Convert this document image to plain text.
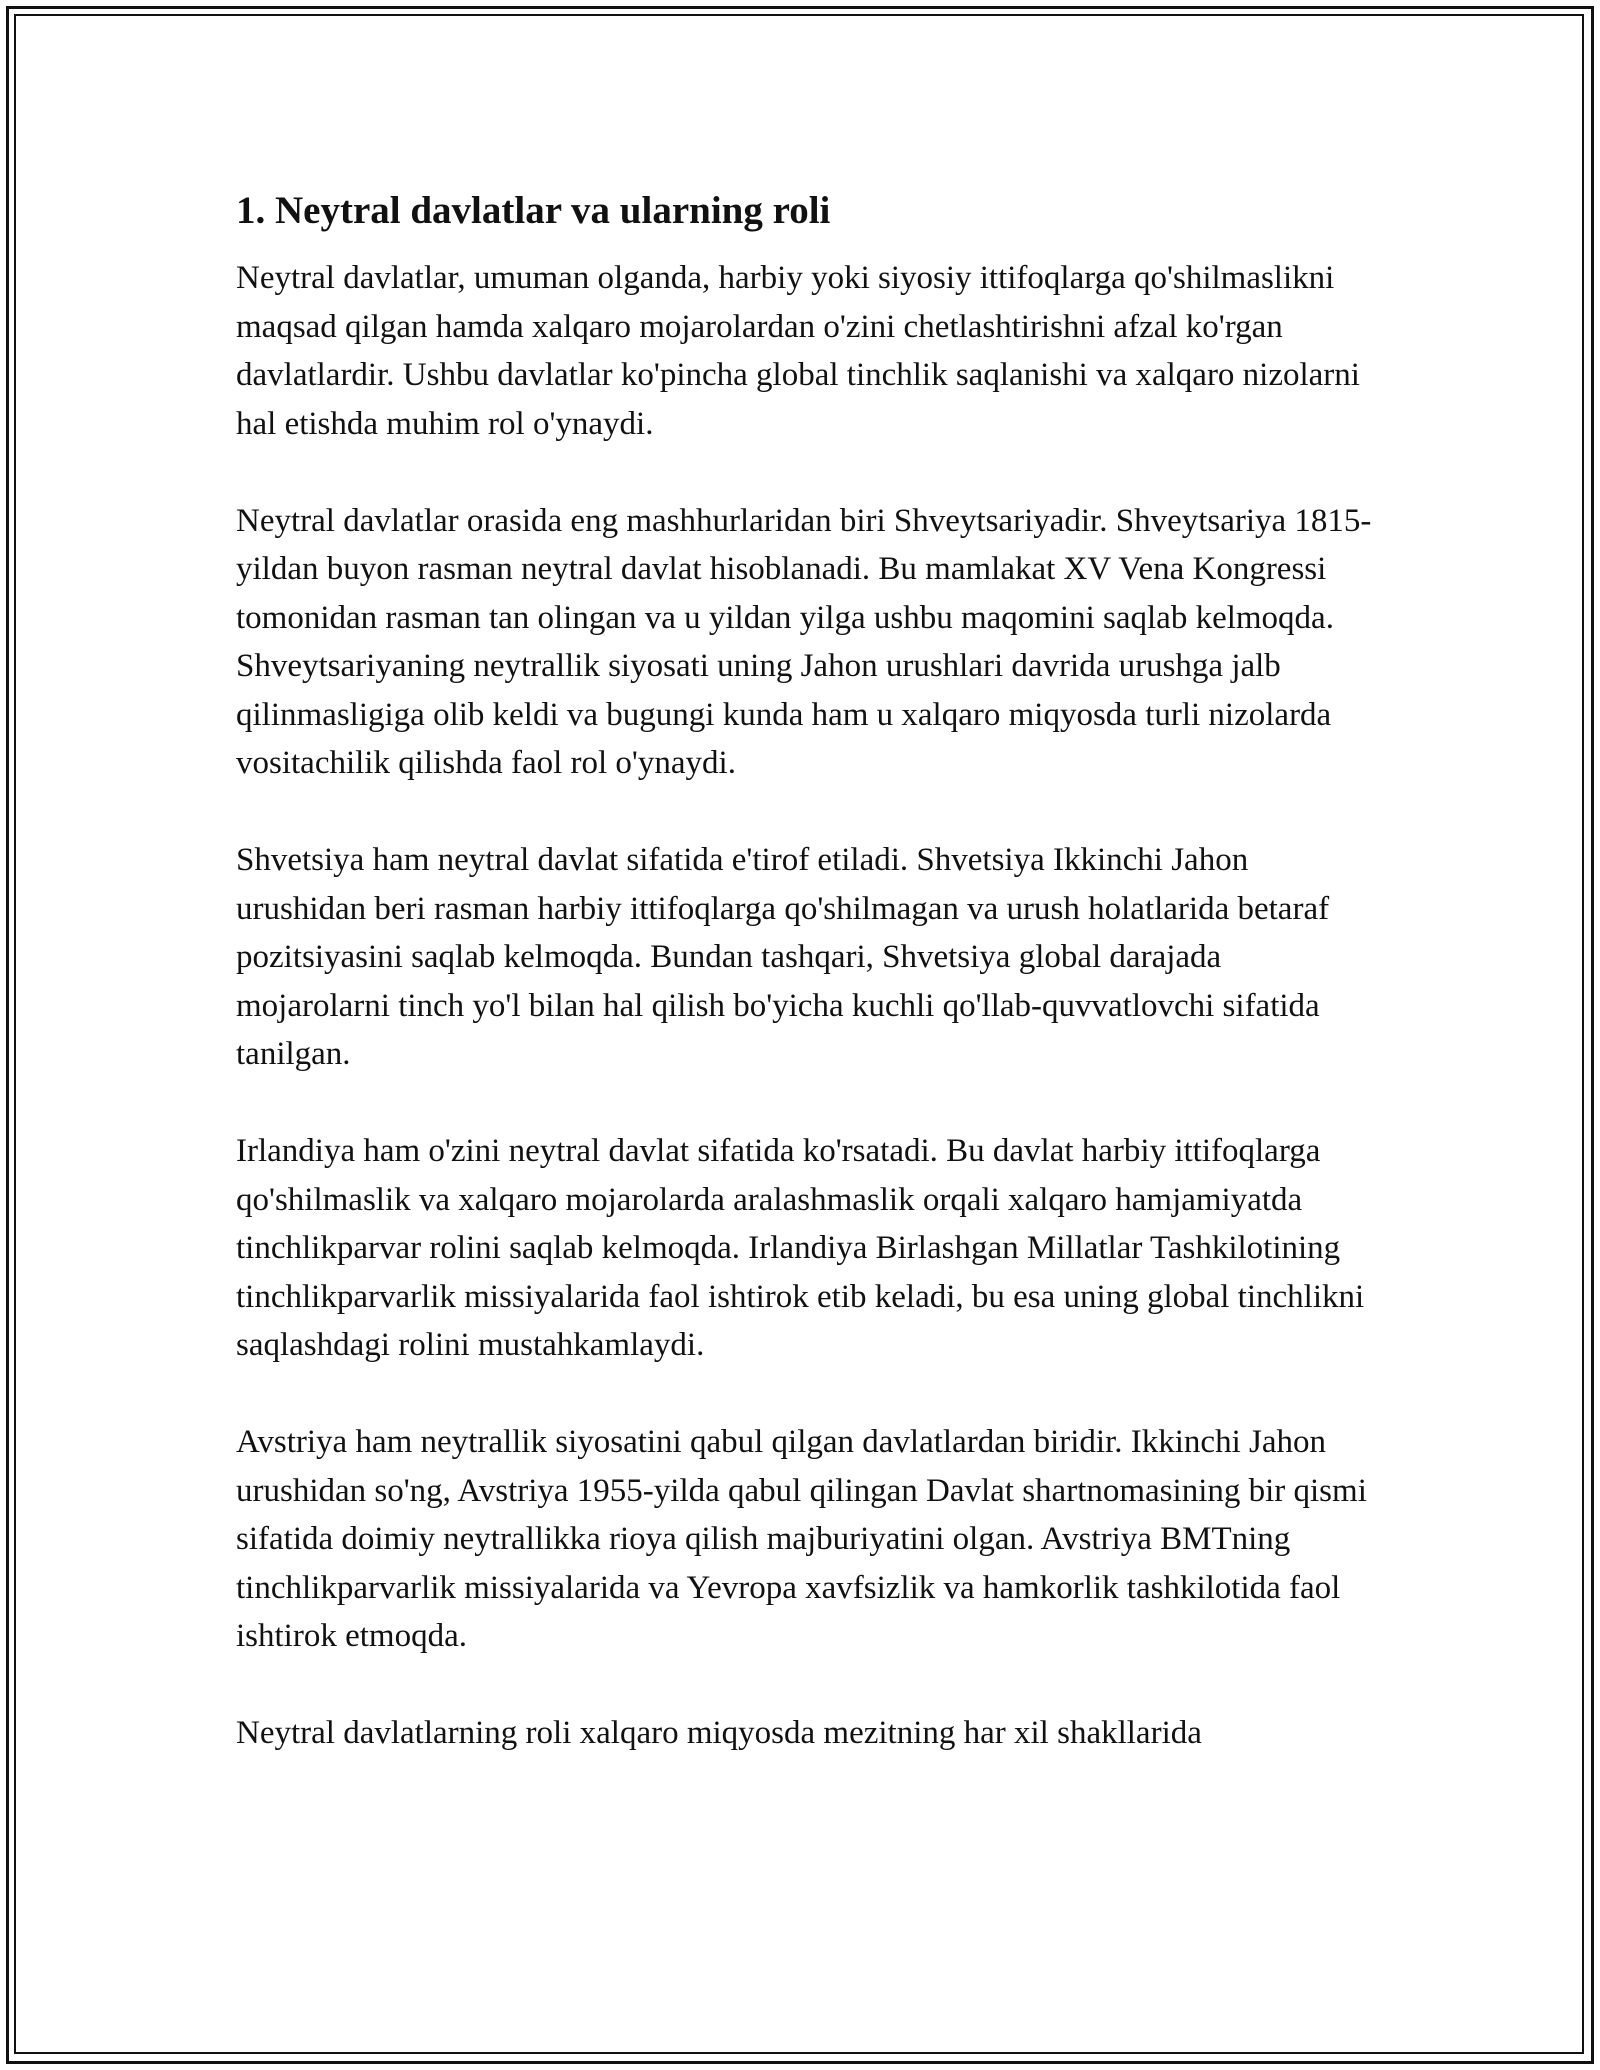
1. Neytral davlatlar va ularning roli

Neytral davlatlar, umuman olganda, harbiy yoki siyosiy ittifoqlarga qo'shilmaslikni maqsad qilgan hamda xalqaro mojarolardan o'zini chetlashtirishni afzal ko'rgan davlatlardir. Ushbu davlatlar ko'pincha global tinchlik saqlanishi va xalqaro nizolarni hal etishda muhim rol o'ynaydi.

Neytral davlatlar orasida eng mashhurlaridan biri Shveytsariyadir. Shveytsariya 1815-yildan buyon rasman neytral davlat hisoblanadi. Bu mamlakat XV Vena Kongressi tomonidan rasman tan olingan va u yildan yilga ushbu maqomini saqlab kelmoqda. Shveytsariyaning neytrallik siyosati uning Jahon urushlari davrida urushga jalb qilinmasligiga olib keldi va bugungi kunda ham u xalqaro miqyosda turli nizolarda vositachilik qilishda faol rol o'ynaydi.

Shvetsiya ham neytral davlat sifatida e'tirof etiladi. Shvetsiya Ikkinchi Jahon urushidan beri rasman harbiy ittifoqlarga qo'shilmagan va urush holatlarida betaraf pozitsiyasini saqlab kelmoqda. Bundan tashqari, Shvetsiya global darajada mojarolarni tinch yo'l bilan hal qilish bo'yicha kuchli qo'llab-quvvatlovchi sifatida tanilgan.

Irlandiya ham o'zini neytral davlat sifatida ko'rsatadi. Bu davlat harbiy ittifoqlarga qo'shilmaslik va xalqaro mojarolarda aralashmaslik orqali xalqaro hamjamiyatda tinchlikparvar rolini saqlab kelmoqda. Irlandiya Birlashgan Millatlar Tashkilotining tinchlikparvarlik missiyalarida faol ishtirok etib keladi, bu esa uning global tinchlikni saqlashdagi rolini mustahkamlaydi.

Avstriya ham neytrallik siyosatini qabul qilgan davlatlardan biridir. Ikkinchi Jahon urushidan so'ng, Avstriya 1955-yilda qabul qilingan Davlat shartnomasining bir qismi sifatida doimiy neytrallikka rioya qilish majburiyatini olgan. Avstriya BMTning tinchlikparvarlik missiyalarida va Yevropa xavfsizlik va hamkorlik tashkilotida faol ishtirok etmoqda.

Neytral davlatlarning roli xalqaro miqyosda mezitning har xil shakllarida
